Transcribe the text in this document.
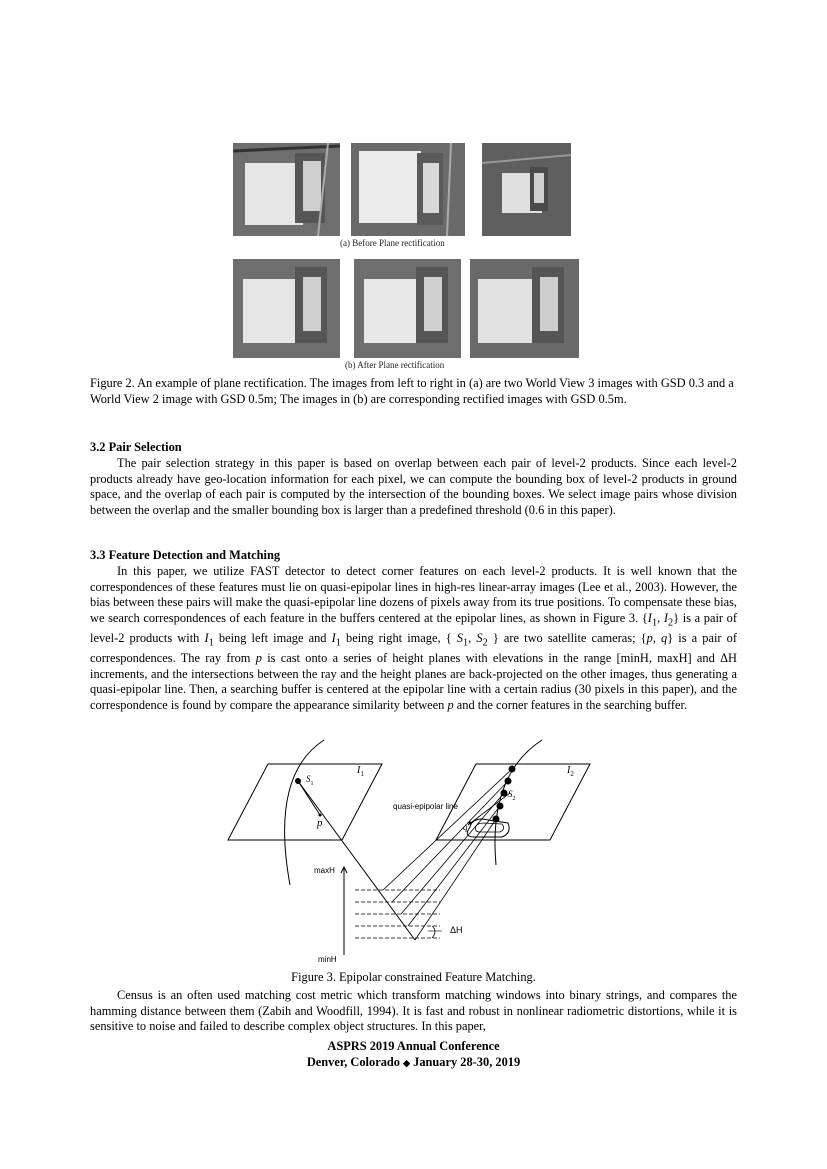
(a) Before Plane rectification
(b) After Plane rectification
Figure 2. An example of plane rectification. The images from left to right in (a) are two World View 3 images with GSD 0.3 and a World View 2 image with GSD 0.5m; The images in (b) are corresponding rectified images with GSD 0.5m.
3.2 Pair Selection
The pair selection strategy in this paper is based on overlap between each pair of level-2 products. Since each level-2 products already have geo-location information for each pixel, we can compute the bounding box of level-2 products in ground space, and the overlap of each pair is computed by the intersection of the bounding boxes. We select image pairs whose division between the overlap and the smaller bounding box is larger than a predefined threshold (0.6 in this paper).
3.3 Feature Detection and Matching
In this paper, we utilize FAST detector to detect corner features on each level-2 products. It is well known that the correspondences of these features must lie on quasi-epipolar lines in high-res linear-array images (Lee et al., 2003). However, the bias between these pairs will make the quasi-epipolar line dozens of pixels away from its true positions. To compensate these bias, we search correspondences of each feature in the buffers centered at the epipolar lines, as shown in Figure 3. {$I_1$, $I_2$} is a pair of level-2 products with $I_1$ being left image and $I_1$ being right image, { $S_1$, $S_2$ } are two satellite cameras; {p, q} is a pair of correspondences. The ray from p is cast onto a series of height planes with elevations in the range [minH, maxH] and ΔH increments, and the intersections between the ray and the height planes are back-projected on the other images, thus generating a quasi-epipolar line. Then, a searching buffer is centered at the epipolar line with a certain radius (30 pixels in this paper), and the correspondence is found by compare the appearance similarity between p and the corner features in the searching buffer.
$I_1$	$I_2$
$S_1$
$S_2$
p	q
quasi-epipolar line
maxH
minH
ΔH
Figure 3. Epipolar constrained Feature Matching.
Census is an often used matching cost metric which transform matching windows into binary strings, and compares the hamming distance between them (Zabih and Woodfill, 1994). It is fast and robust in nonlinear radiometric distortions, while it is sensitive to noise and failed to describe complex object structures. In this paper,
ASPRS 2019 Annual Conference
Denver, Colorado ◆ January 28-30, 2019
